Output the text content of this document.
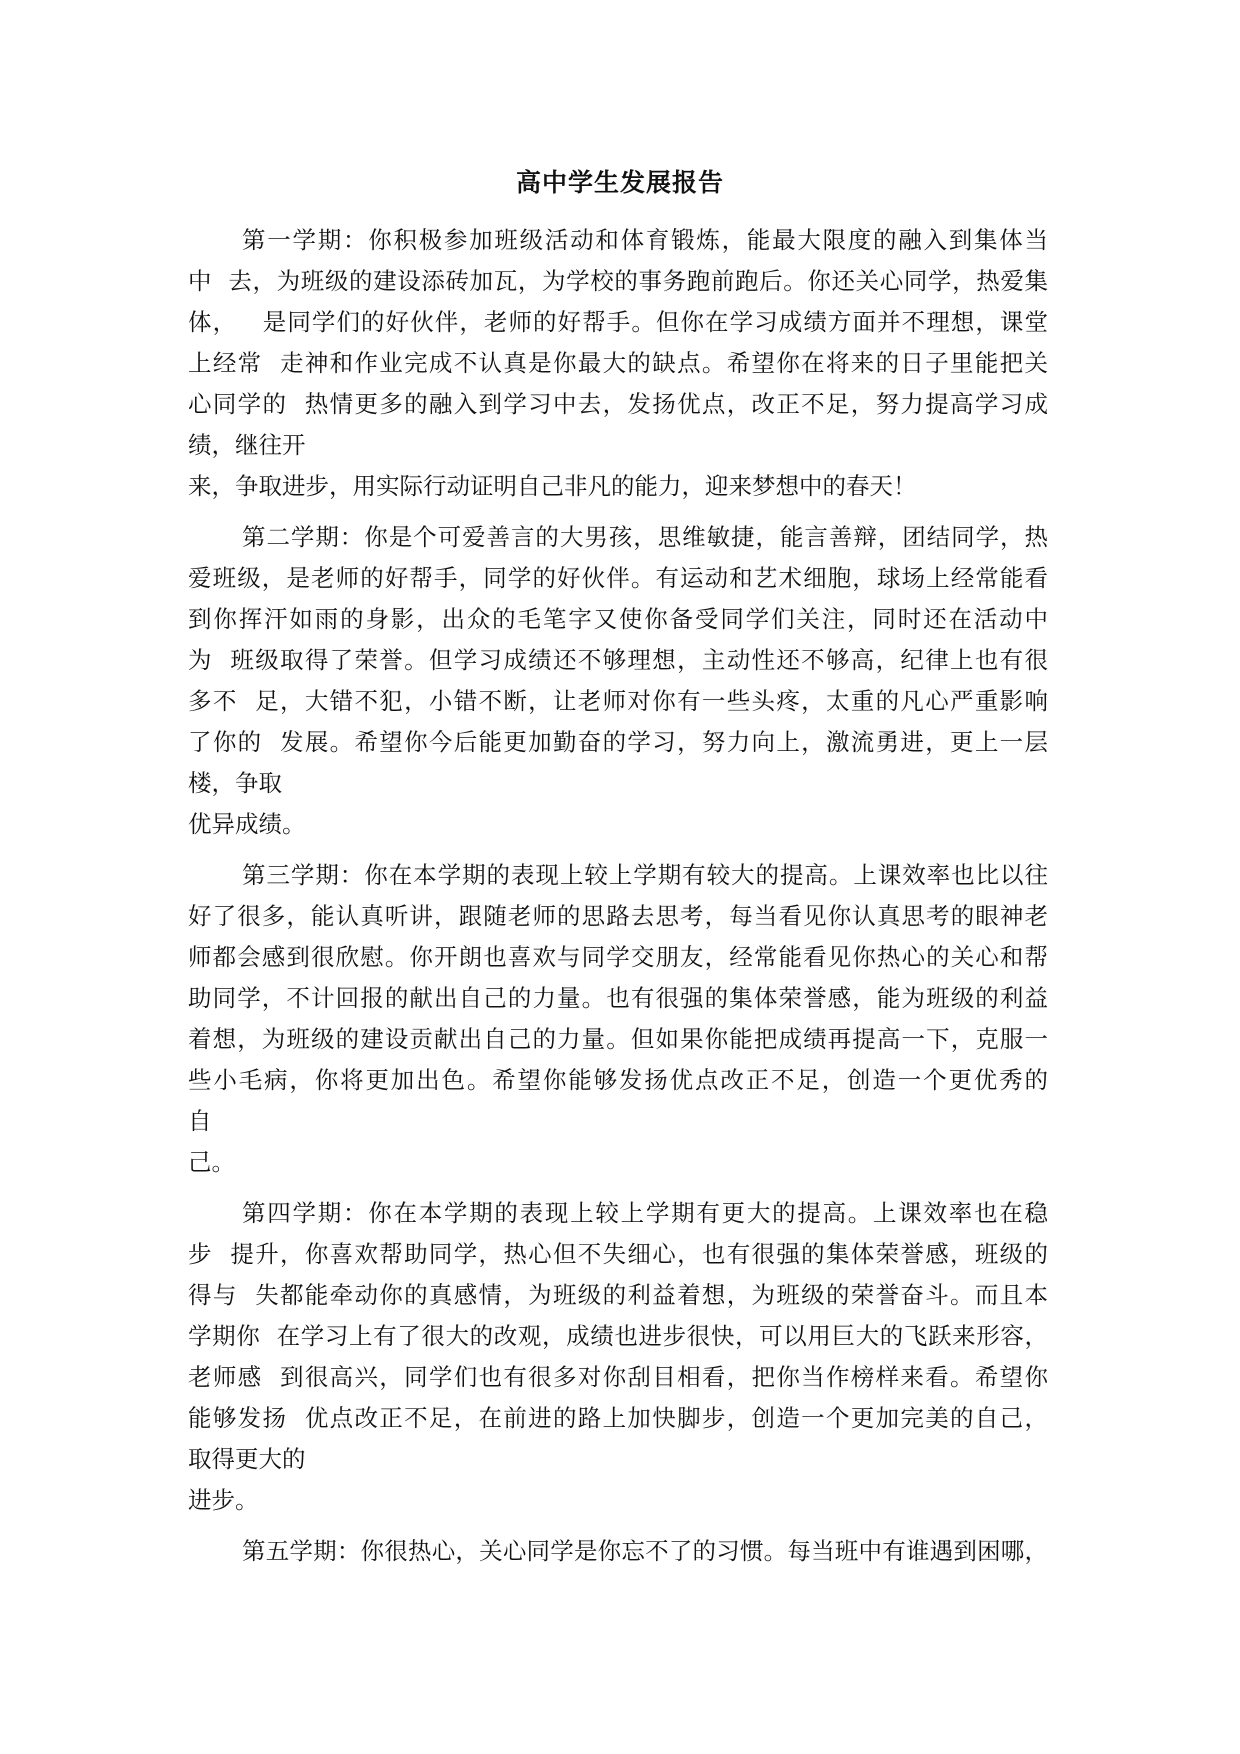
高中学生发展报告
第一学期：你积极参加班级活动和体育锻炼，能最大限度的融入到集体当
中  去，为班级的建设添砖加瓦，为学校的事务跑前跑后。你还关心同学，热爱集
体，   是同学们的好伙伴，老师的好帮手。但你在学习成绩方面并不理想，课堂
上经常  走神和作业完成不认真是你最大的缺点。希望你在将来的日子里能把关
心同学的  热情更多的融入到学习中去，发扬优点，改正不足，努力提高学习成
绩，继往开
来，争取进步，用实际行动证明自己非凡的能力，迎来梦想中的春天！
第二学期：你是个可爱善言的大男孩，思维敏捷，能言善辩，团结同学，热
爱班级，是老师的好帮手，同学的好伙伴。有运动和艺术细胞，球场上经常能看
到你挥汗如雨的身影，出众的毛笔字又使你备受同学们关注，同时还在活动中
为  班级取得了荣誉。但学习成绩还不够理想，主动性还不够高，纪律上也有很
多不  足，大错不犯，小错不断，让老师对你有一些头疼，太重的凡心严重影响
了你的  发展。希望你今后能更加勤奋的学习，努力向上，激流勇进，更上一层
楼，争取
优异成绩。
第三学期：你在本学期的表现上较上学期有较大的提高。上课效率也比以往
好了很多，能认真听讲，跟随老师的思路去思考，每当看见你认真思考的眼神老
师都会感到很欣慰。你开朗也喜欢与同学交朋友，经常能看见你热心的关心和帮
助同学，不计回报的献出自己的力量。也有很强的集体荣誉感，能为班级的利益
着想，为班级的建设贡献出自己的力量。但如果你能把成绩再提高一下，克服一
些小毛病，你将更加出色。希望你能够发扬优点改正不足，创造一个更优秀的
自
己。
第四学期：你在本学期的表现上较上学期有更大的提高。上课效率也在稳
步  提升，你喜欢帮助同学，热心但不失细心，也有很强的集体荣誉感，班级的
得与  失都能牵动你的真感情，为班级的利益着想，为班级的荣誉奋斗。而且本
学期你  在学习上有了很大的改观，成绩也进步很快，可以用巨大的飞跃来形容，
老师感  到很高兴，同学们也有很多对你刮目相看，把你当作榜样来看。希望你
能够发扬  优点改正不足，在前进的路上加快脚步，创造一个更加完美的自己，
取得更大的
进步。
第五学期：你很热心，关心同学是你忘不了的习惯。每当班中有谁遇到困哪，
